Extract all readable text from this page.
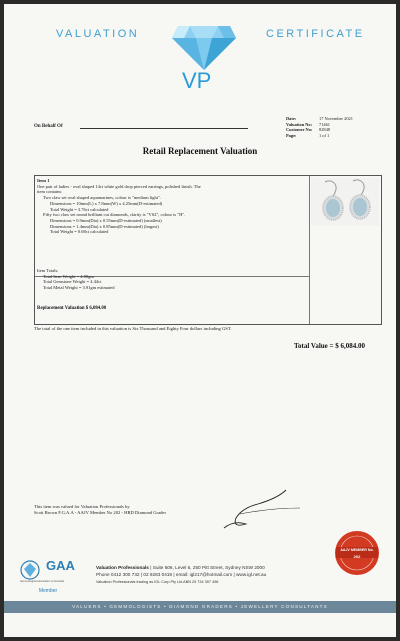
VALUATION	CERTIFICATE
VP
On Behalf Of
Date:	17 November 2021
Valuation No:	71461
Customer No:	82848
Page:	1 of 1
Retail Replacement Valuation
Item 1
One pair of ladies - oval shaped 14ct white gold drop pierced earrings, polished finish. The
item contains:
Two claw set oval shaped aquamarines, colour is "medium light".
Dimensions = 10mm(L) x 7.8mm(W) x 4.25mm(D-estimated)
Total Weight = 3.76ct calculated
Fifty two claw set round brilliant cut diamonds, clarity is "VS2", colour is "H".
Dimensions = 0.9mm(Dia) x 0.55mm(D-estimated) (smallest)
Dimensions = 1.4mm(Dia) x 0.85mm(D-estimated) (largest)
Total Weight = 0.68ct calculated
Item Totals:
Total Item Weight = 4.80gm
Total Gemstone Weight = 4.44ct
Total Metal Weight = 3.91gm estimated
Replacement Valuation $ 6,084.00
The total of the one item included in this valuation is Six Thousand and Eighty Four dollars including GST.
Total Value = $ 6,084.00
This item was valued for Valuation Professionals by
Scott Brown F.G.A.A - AAJV Member No 202 - HRD Diamond Grader
AAJV MEMBER No.
202
GAA
Gemmological Association of Australia
Member
Valuation Professionals | Suite 606, Level 6, 250 Pitt Street, Sydney NSW 2000
Phone 0412 300 732 | 02 9283 0419 | email: igl217@hotmail.com | www.igl.net.au
Valuation Professionals trading as IGL Corp Pty Ltd ABN 25 734 397 496
VALUERS • GEMMOLOGISTS • DIAMOND GRADERS • JEWELLERY CONSULTANTS
